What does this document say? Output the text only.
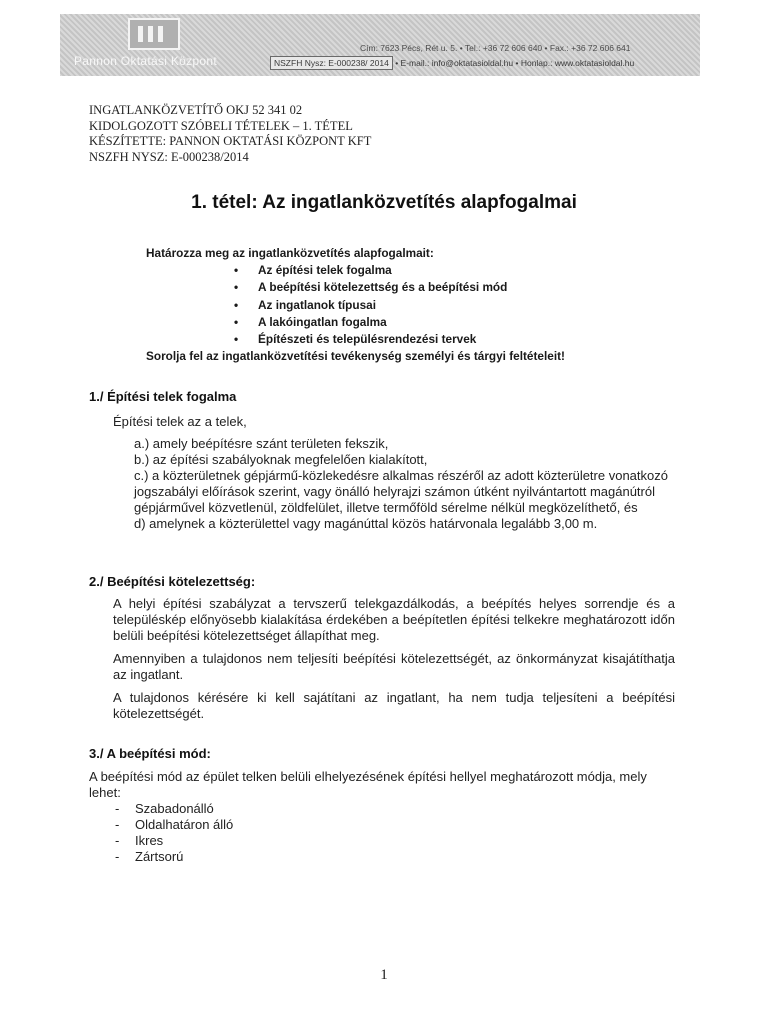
Pannon Oktatási Központ
Cím: 7623 Pécs, Rét u. 5. • Tel.: +36 72 606 640 • Fax.: +36 72 606 641
NSZFH Nysz: E-000238/ 2014 • E-mail.: info@oktatasioldal.hu • Honlap.: www.oktatasioldal.hu
INGATLANKÖZVETÍTŐ OKJ 52 341 02
KIDOLGOZOTT SZÓBELI TÉTELEK – 1. TÉTEL
KÉSZÍTETTE: PANNON OKTATÁSI KÖZPONT KFT
NSZFH NYSZ: E-000238/2014
1. tétel: Az ingatlanközvetítés alapfogalmai
Határozza meg az ingatlanközvetítés alapfogalmait:
• Az építési telek fogalma
• A beépítési kötelezettség és a beépítési mód
• Az ingatlanok típusai
• A lakóingatlan fogalma
• Építészeti és településrendezési tervek
Sorolja fel az ingatlanközvetítési tevékenység személyi és tárgyi feltételeit!
1./ Építési telek fogalma
Építési telek az a telek,
a.) amely beépítésre szánt területen fekszik,
b.) az építési szabályoknak megfelelően kialakított,
c.) a közterületnek gépjármű-közlekedésre alkalmas részéről az adott közterületre vonatkozó jogszabályi előírások szerint, vagy önálló helyrajzi számon útként nyilvántartott magánútról gépjárművel közvetlenül, zöldfelület, illetve termőföld sérelme nélkül megközelíthető, és
d) amelynek a közterülettel vagy magánúttal közös határvonala legalább 3,00 m.
2./ Beépítési kötelezettség:
A helyi építési szabályzat a tervszerű telekgazdálkodás, a beépítés helyes sorrendje és a településkép előnyösebb kialakítása érdekében a beépítetlen építési telkekre meghatározott időn belüli beépítési kötelezettséget állapíthat meg.
Amennyiben a tulajdonos nem teljesíti beépítési kötelezettségét, az önkormányzat kisajátíthatja az ingatlant.
A tulajdonos kérésére ki kell sajátítani az ingatlant, ha nem tudja teljesíteni a beépítési kötelezettségét.
3./ A beépítési mód:
A beépítési mód az épület telken belüli elhelyezésének építési hellyel meghatározott módja, mely lehet:
- Szabadonálló
- Oldalhatáron álló
- Ikres
- Zártsorú
1
